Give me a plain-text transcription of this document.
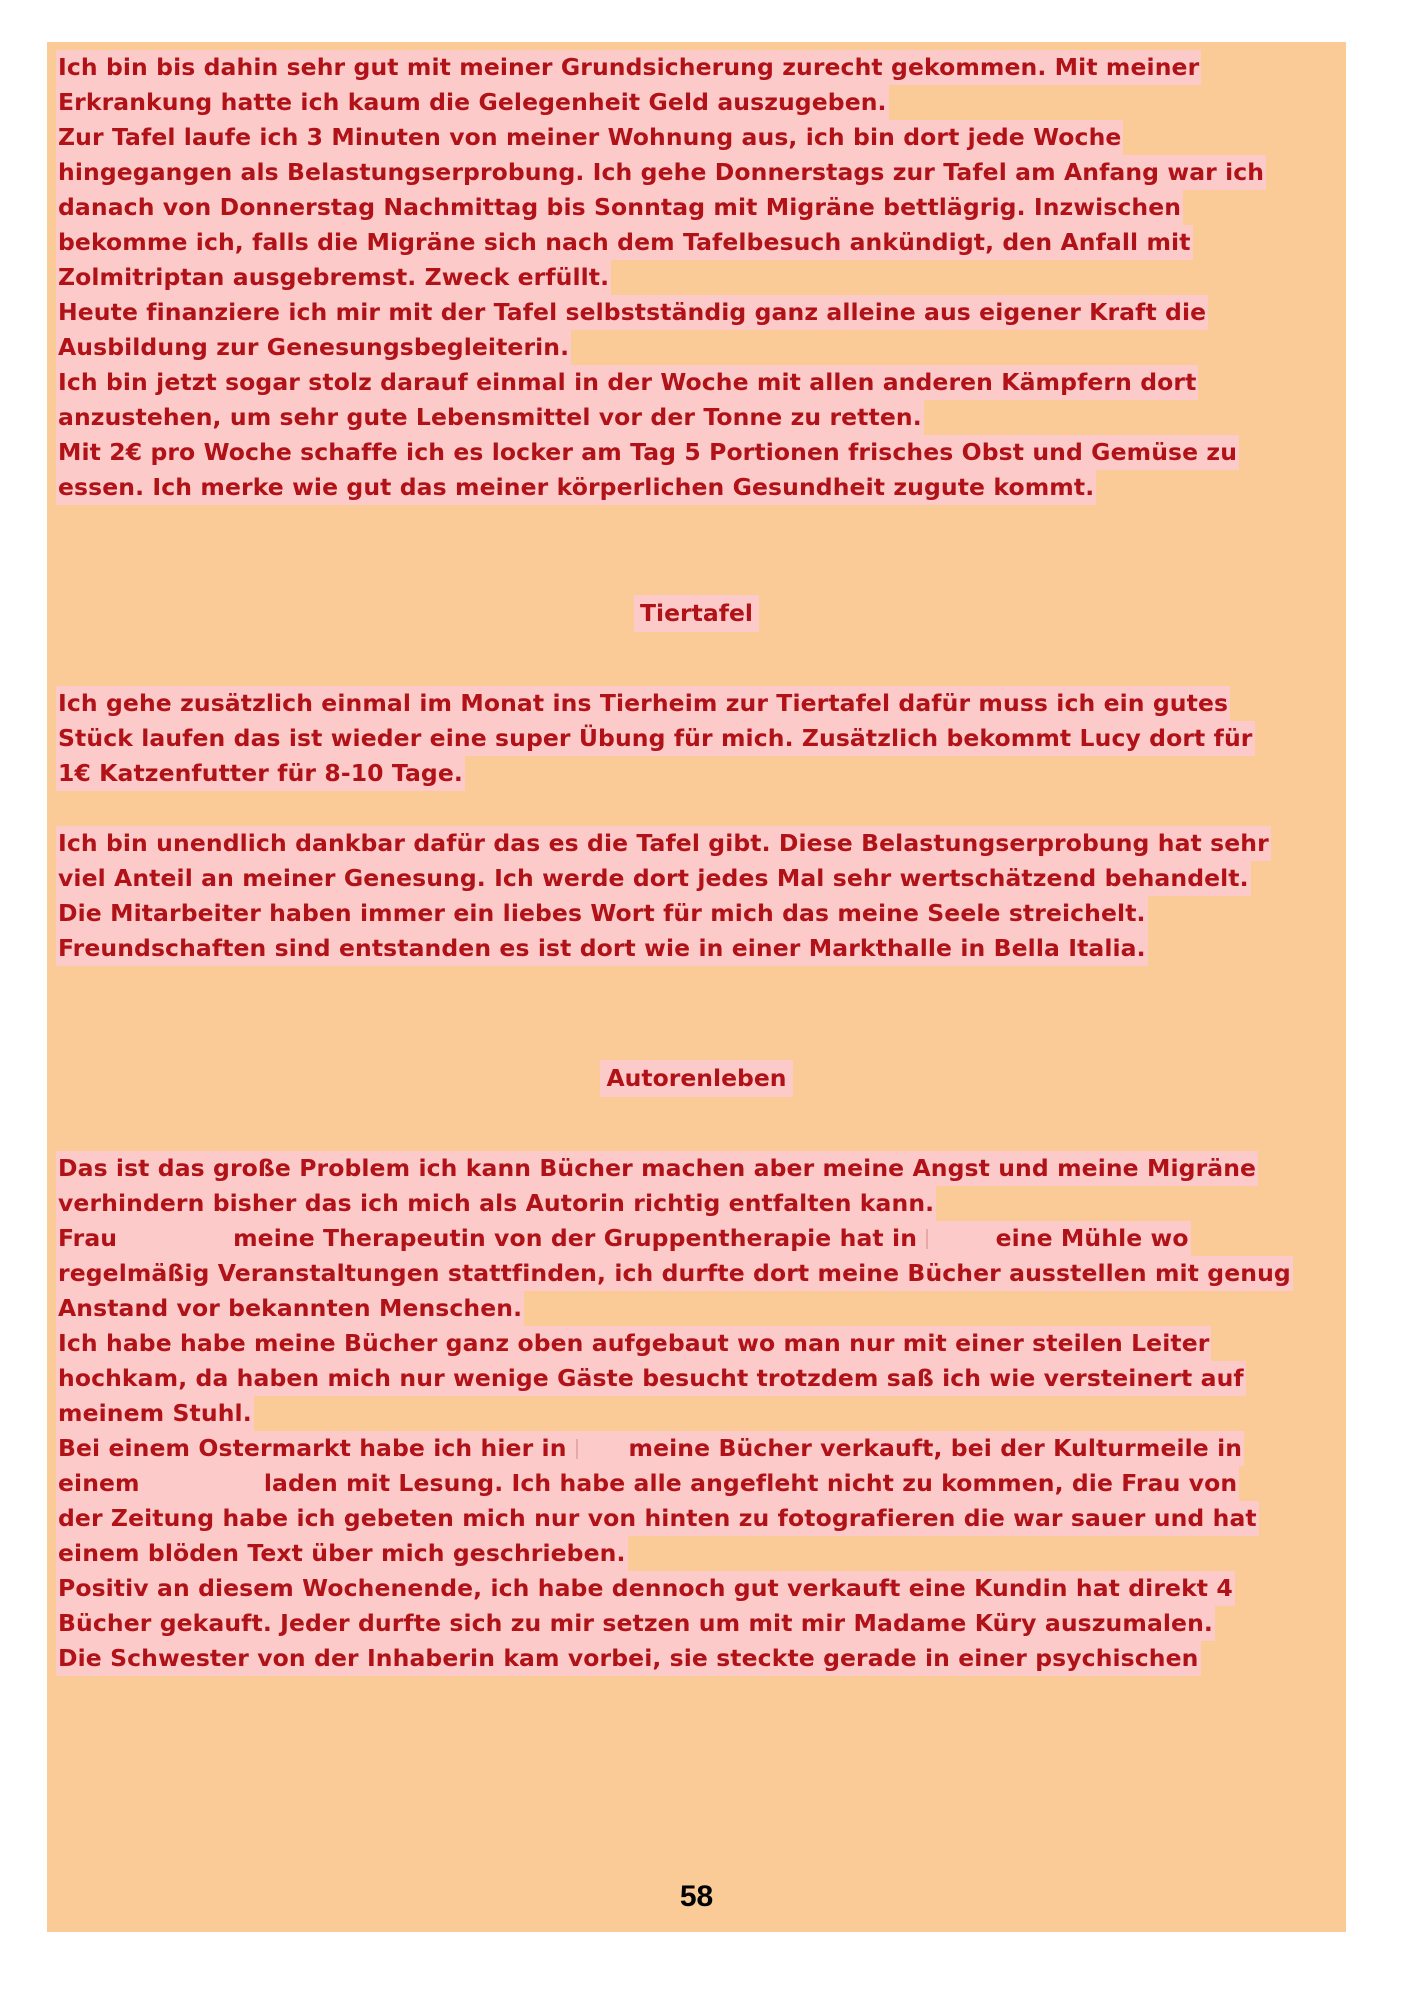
Ich bin bis dahin sehr gut mit meiner Grundsicherung zurecht gekommen. Mit meiner
Erkrankung hatte ich kaum die Gelegenheit Geld auszugeben.
Zur Tafel laufe ich 3 Minuten von meiner Wohnung aus, ich bin dort jede Woche
hingegangen als Belastungserprobung. Ich gehe Donnerstags zur Tafel am Anfang war ich
danach von Donnerstag Nachmittag bis Sonntag mit Migräne bettlägrig. Inzwischen
bekomme ich, falls die Migräne sich nach dem Tafelbesuch ankündigt, den Anfall mit
Zolmitriptan ausgebremst. Zweck erfüllt.
Heute finanziere ich mir mit der Tafel selbstständig ganz alleine aus eigener Kraft die
Ausbildung zur Genesungsbegleiterin.
Ich bin jetzt sogar stolz darauf einmal in der Woche mit allen anderen Kämpfern dort
anzustehen, um sehr gute Lebensmittel vor der Tonne zu retten.
Mit 2€ pro Woche schaffe ich es locker am Tag 5 Portionen frisches Obst und Gemüse zu
essen. Ich merke wie gut das meiner körperlichen Gesundheit zugute kommt.
Tiertafel
Ich gehe zusätzlich einmal im Monat ins Tierheim zur Tiertafel dafür muss ich ein gutes
Stück laufen das ist wieder eine super Übung für mich. Zusätzlich bekommt Lucy dort für
1€ Katzenfutter für 8-10 Tage.
Ich bin unendlich dankbar dafür das es die Tafel gibt. Diese Belastungserprobung hat sehr
viel Anteil an meiner Genesung. Ich werde dort jedes Mal sehr wertschätzend behandelt.
Die Mitarbeiter haben immer ein liebes Wort für mich das meine Seele streichelt.
Freundschaften sind entstanden es ist dort wie in einer Markthalle in Bella Italia.
Autorenleben
Das ist das große Problem ich kann Bücher machen aber meine Angst und meine Migräne
verhindern bisher das ich mich als Autorin richtig entfalten kann.
Frau	meine Therapeutin von der Gruppentherapie hat in	eine Mühle wo
regelmäßig Veranstaltungen stattfinden, ich durfte dort meine Bücher ausstellen mit genug
Anstand vor bekannten Menschen.
Ich habe habe meine Bücher ganz oben aufgebaut wo man nur mit einer steilen Leiter
hochkam, da haben mich nur wenige Gäste besucht trotzdem saß ich wie versteinert auf
meinem Stuhl.
Bei einem Ostermarkt habe ich hier in	meine Bücher verkauft, bei der Kulturmeile in
einem	laden mit Lesung. Ich habe alle angefleht nicht zu kommen, die Frau von
der Zeitung habe ich gebeten mich nur von hinten zu fotografieren die war sauer und hat
einem blöden Text über mich geschrieben.
Positiv an diesem Wochenende, ich habe dennoch gut verkauft eine Kundin hat direkt 4
Bücher gekauft. Jeder durfte sich zu mir setzen um mit mir Madame Küry auszumalen.
Die Schwester von der Inhaberin kam vorbei, sie steckte gerade in einer psychischen
58
